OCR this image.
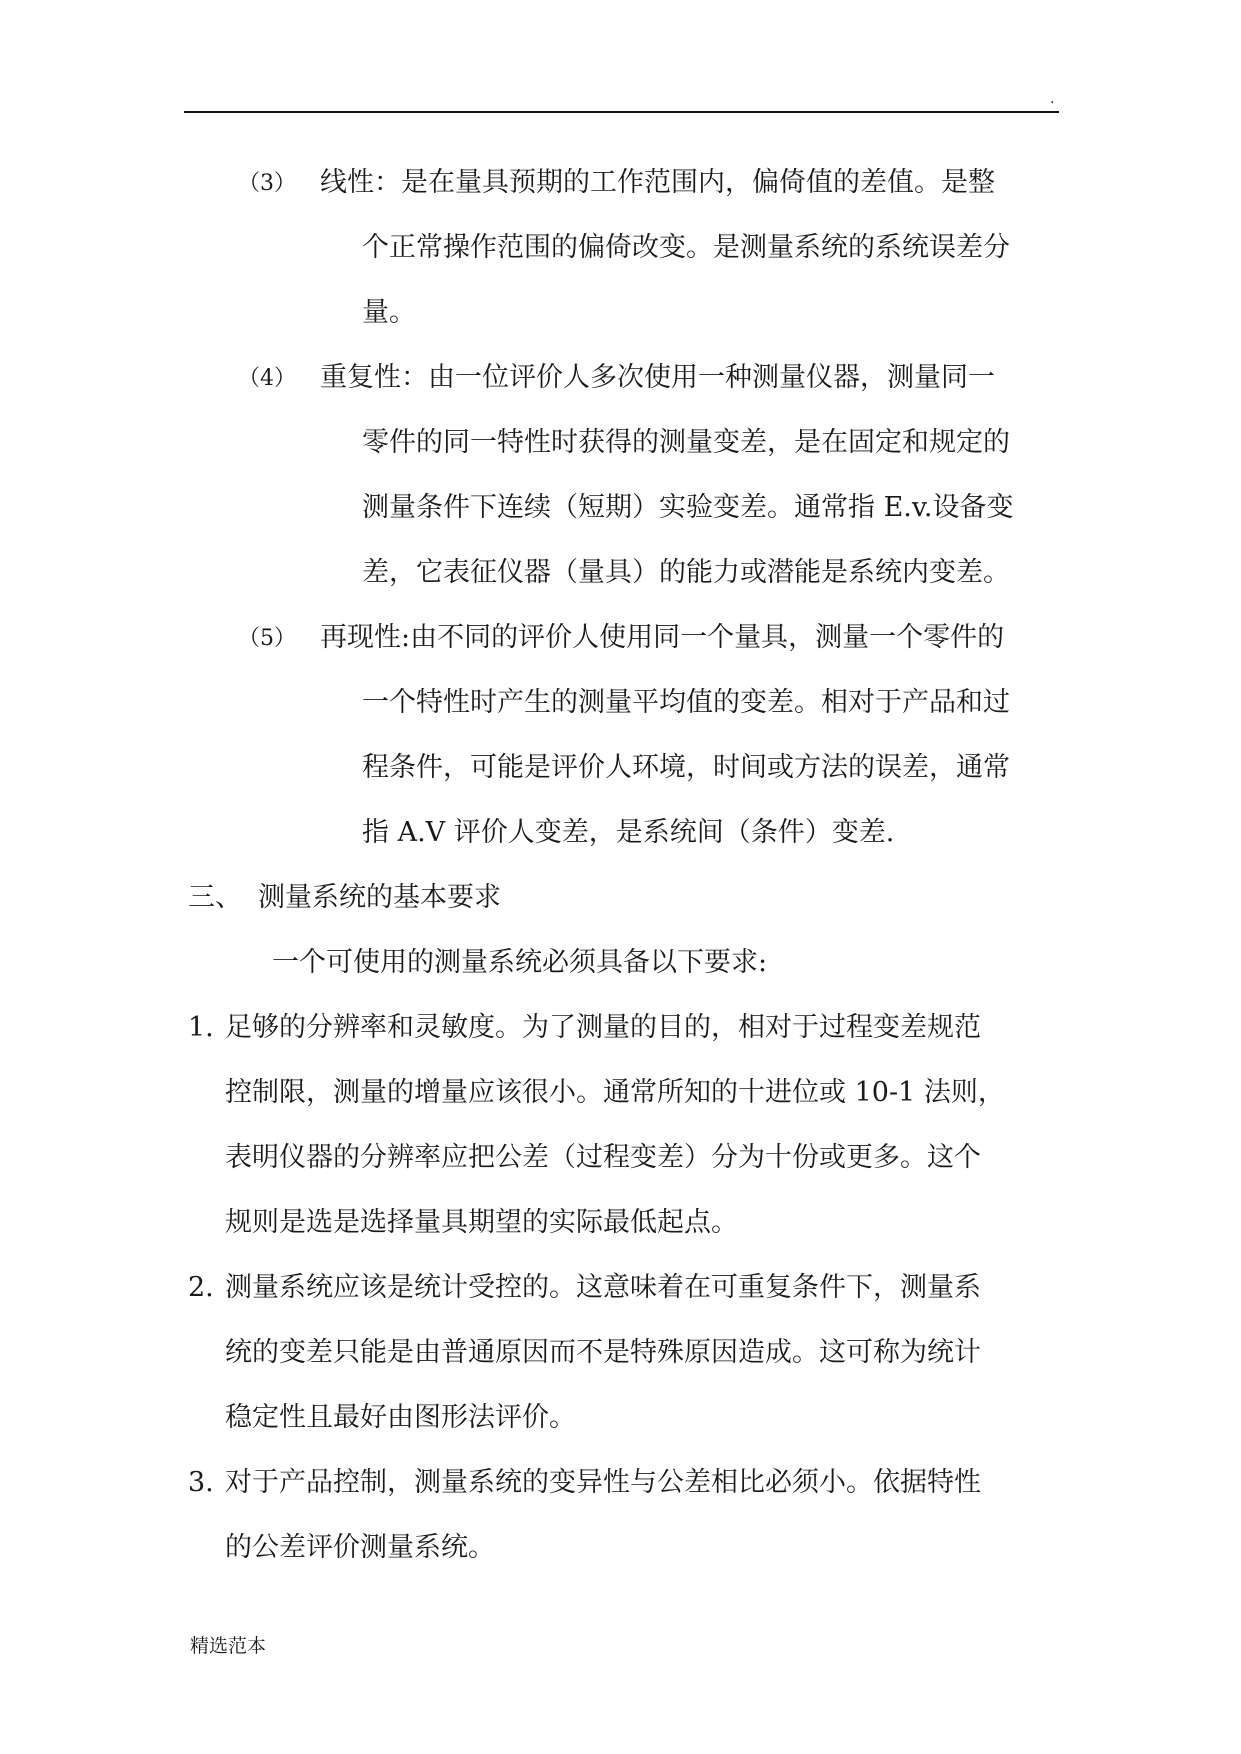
.
（3） 线性：是在量具预期的工作范围内，偏倚值的差值。是整
个正常操作范围的偏倚改变。是测量系统的系统误差分
量。
（4） 重复性：由一位评价人多次使用一种测量仪器，测量同一
零件的同一特性时获得的测量变差，是在固定和规定的
测量条件下连续（短期）实验变差。通常指 E.v.设备变
差，它表征仪器（量具）的能力或潜能是系统内变差。
（5） 再现性:由不同的评价人使用同一个量具，测量一个零件的
一个特性时产生的测量平均值的变差。相对于产品和过
程条件，可能是评价人环境，时间或方法的误差，通常
指 A.V 评价人变差，是系统间（条件）变差.
三、 测量系统的基本要求
一个可使用的测量系统必须具备以下要求:
1. 足够的分辨率和灵敏度。为了测量的目的，相对于过程变差规范
控制限，测量的增量应该很小。通常所知的十进位或 10-1 法则，
表明仪器的分辨率应把公差（过程变差）分为十份或更多。这个
规则是选是选择量具期望的实际最低起点。
2. 测量系统应该是统计受控的。这意味着在可重复条件下，测量系
统的变差只能是由普通原因而不是特殊原因造成。这可称为统计
稳定性且最好由图形法评价。
3. 对于产品控制，测量系统的变异性与公差相比必须小。依据特性
的公差评价测量系统。
精选范本
